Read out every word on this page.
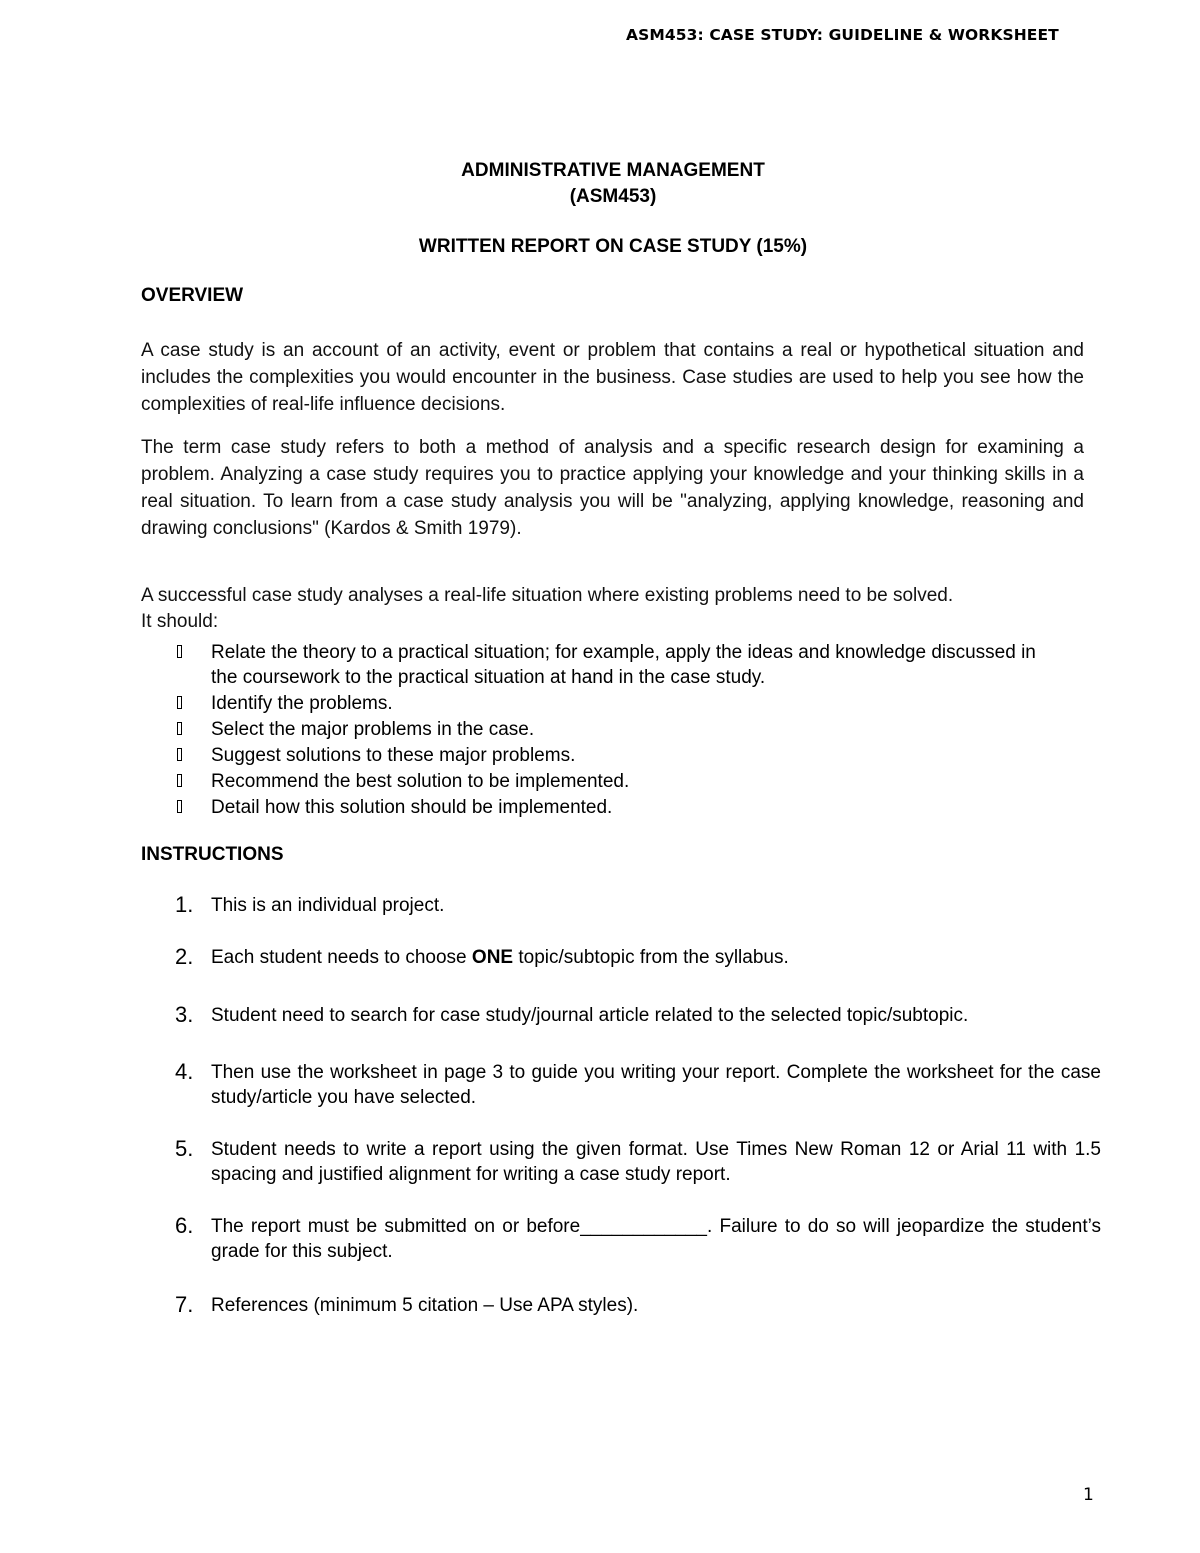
ASM453: CASE STUDY: GUIDELINE & WORKSHEET
ADMINISTRATIVE MANAGEMENT
(ASM453)
WRITTEN REPORT ON CASE STUDY (15%)
OVERVIEW
A case study is an account of an activity, event or problem that contains a real or hypothetical situation and includes the complexities you would encounter in the business. Case studies are used to help you see how the complexities of real-life influence decisions.
The term case study refers to both a method of analysis and a specific research design for examining a problem. Analyzing a case study requires you to practice applying your knowledge and your thinking skills in a real situation. To learn from a case study analysis you will be "analyzing, applying knowledge, reasoning and drawing conclusions" (Kardos & Smith 1979).
A successful case study analyses a real-life situation where existing problems need to be solved.
It should:
Relate the theory to a practical situation; for example, apply the ideas and knowledge discussed in the coursework to the practical situation at hand in the case study.
Identify the problems.
Select the major problems in the case.
Suggest solutions to these major problems.
Recommend the best solution to be implemented.
Detail how this solution should be implemented.
INSTRUCTIONS
1. This is an individual project.
2. Each student needs to choose ONE topic/subtopic from the syllabus.
3. Student need to search for case study/journal article related to the selected topic/subtopic.
4. Then use the worksheet in page 3 to guide you writing your report. Complete the worksheet for the case study/article you have selected.
5. Student needs to write a report using the given format. Use Times New Roman 12 or Arial 11 with 1.5 spacing and justified alignment for writing a case study report.
6. The report must be submitted on or before____________. Failure to do so will jeopardize the student’s grade for this subject.
7. References (minimum 5 citation – Use APA styles).
1
